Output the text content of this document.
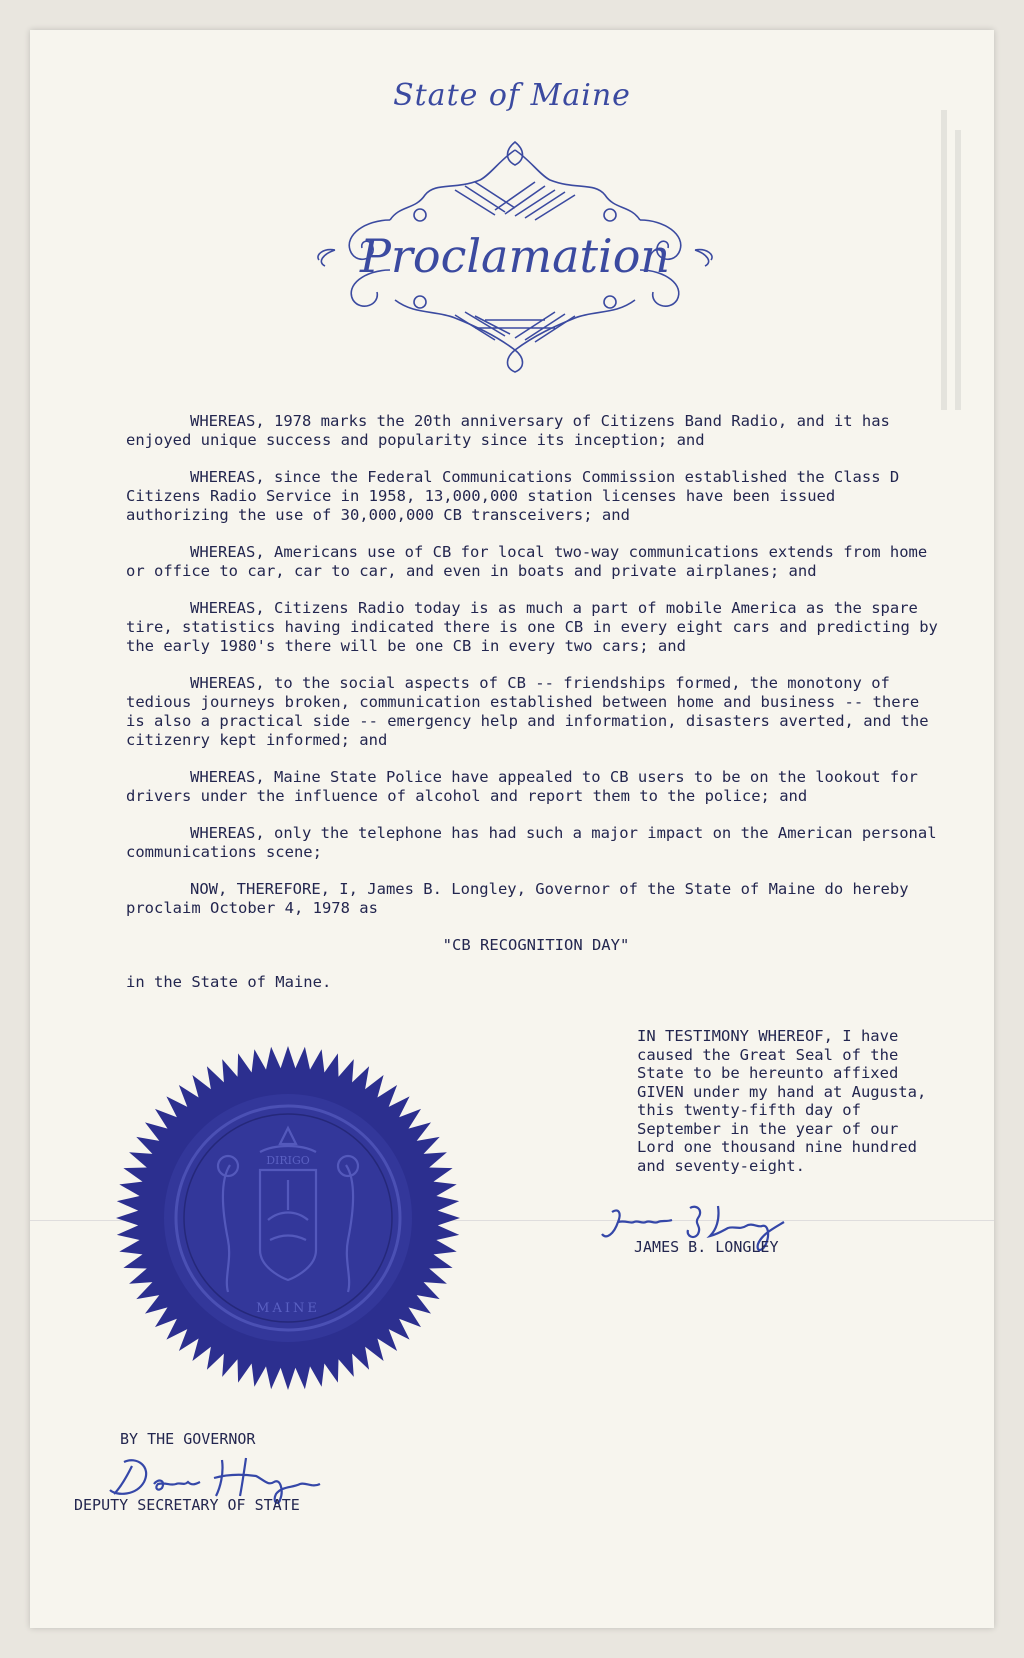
State of Maine
Proclamation

WHEREAS, 1978 marks the 20th anniversary of Citizens Band Radio, and it has enjoyed unique success and popularity since its inception; and

WHEREAS, since the Federal Communications Commission established the Class D Citizens Radio Service in 1958, 13,000,000 station licenses have been issued authorizing the use of 30,000,000 CB transceivers; and

WHEREAS, Americans use of CB for local two-way communications extends from home or office to car, car to car, and even in boats and private airplanes; and

WHEREAS, Citizens Radio today is as much a part of mobile America as the spare tire, statistics having indicated there is one CB in every eight cars and predicting by the early 1980's there will be one CB in every two cars; and

WHEREAS, to the social aspects of CB -- friendships formed, the monotony of tedious journeys broken, communication established between home and business -- there is also a practical side -- emergency help and information, disasters averted, and the citizenry kept informed; and

WHEREAS, Maine State Police have appealed to CB users to be on the lookout for drivers under the influence of alcohol and report them to the police; and

WHEREAS, only the telephone has had such a major impact on the American personal communications scene;

NOW, THEREFORE, I, James B. Longley, Governor of the State of Maine do hereby proclaim October 4, 1978 as

"CB RECOGNITION DAY"

in the State of Maine.

IN TESTIMONY WHEREOF, I have
caused the Great Seal of the
State to be hereunto affixed
GIVEN under my hand at Augusta,
this twenty-fifth day of
September in the year of our
Lord one thousand nine hundred
and seventy-eight.
JAMES B. LONGLEY
DIRIGO
MAINE
BY THE GOVERNOR
DEPUTY SECRETARY OF STATE
